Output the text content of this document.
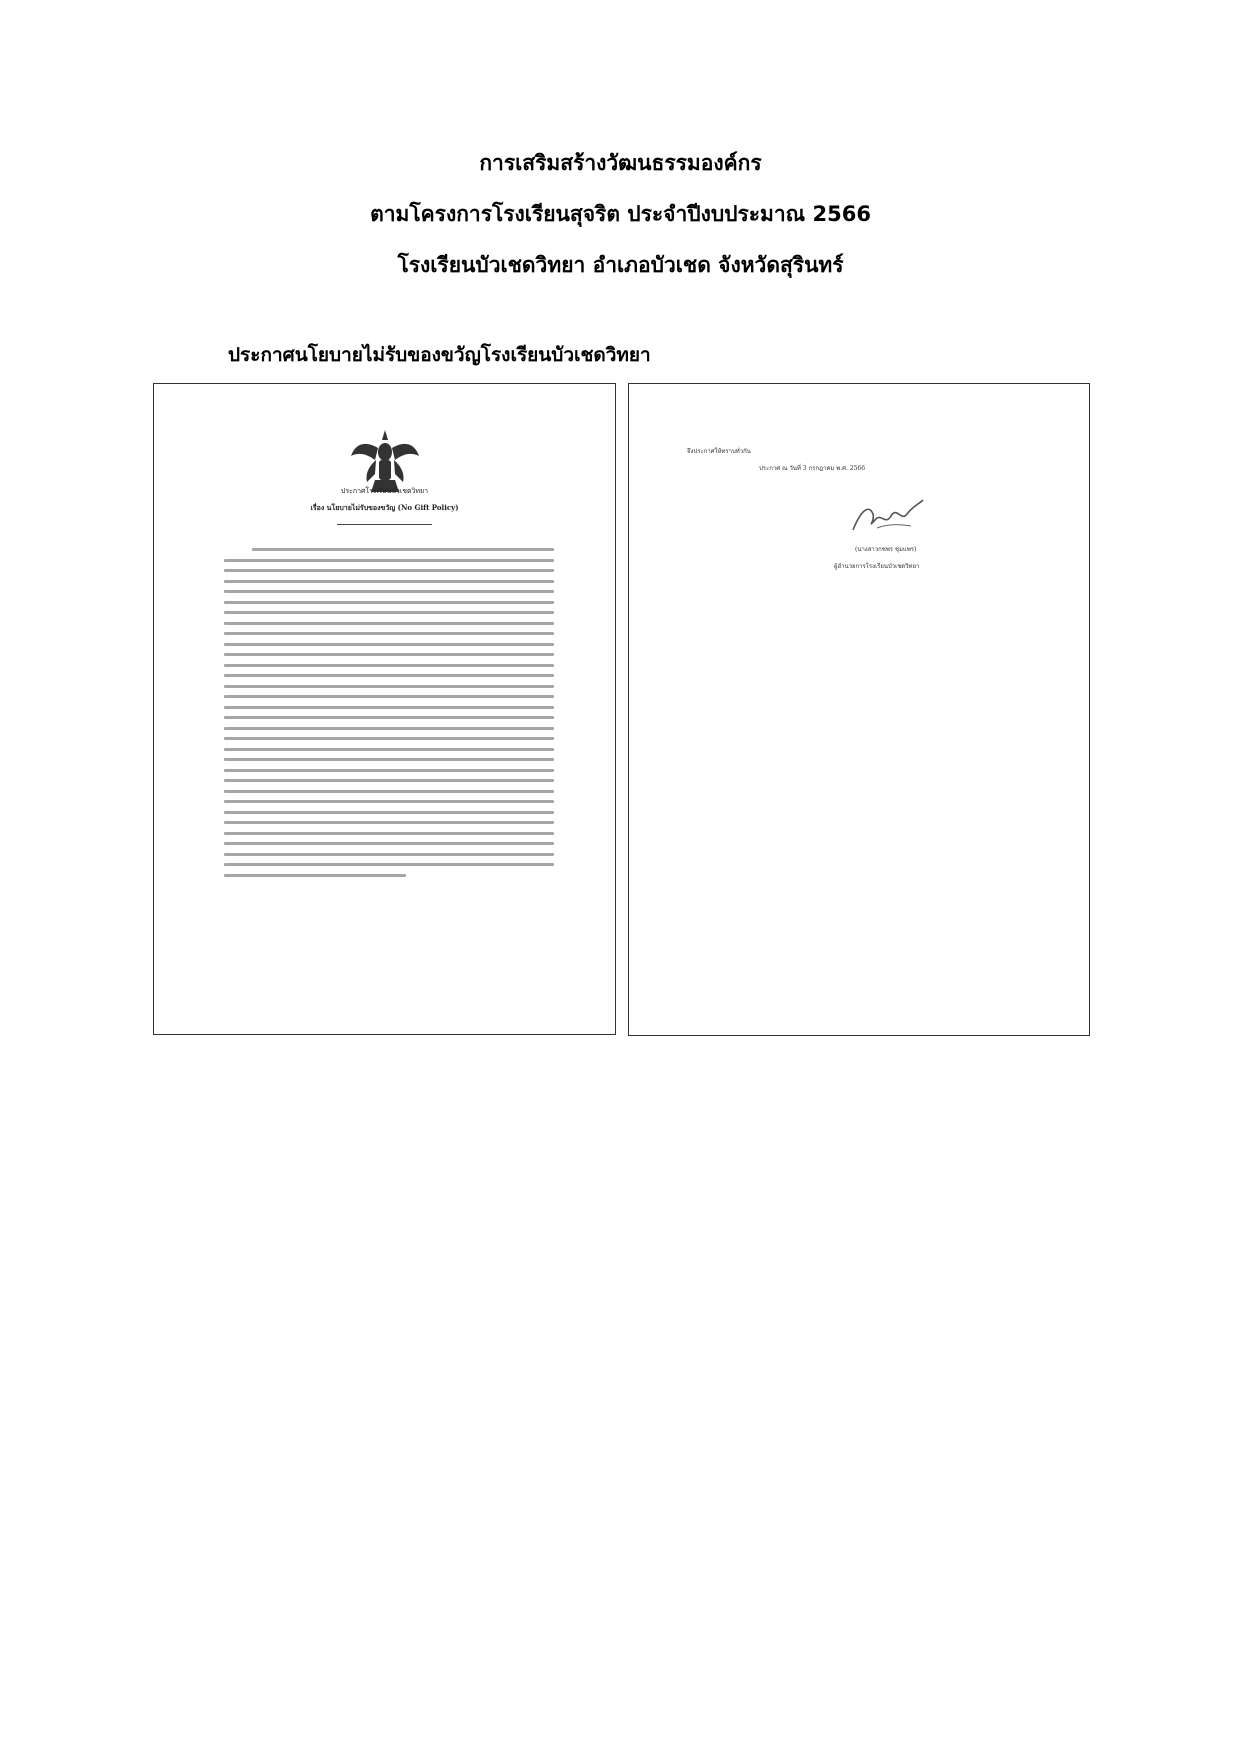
การเสริมสร้างวัฒนธรรมองค์กร
ตามโครงการโรงเรียนสุจริต ประจำปีงบประมาณ 2566
โรงเรียนบัวเชดวิทยา อำเภอบัวเชด จังหวัดสุรินทร์
ประกาศนโยบายไม่รับของขวัญโรงเรียนบัวเชดวิทยา
ประกาศโรงเรียนบัวเชดวิทยา
เรื่อง นโยบายไม่รับของขวัญ (No Gift Policy)
จึงประกาศให้ทราบทั่วกัน
ประกาศ ณ วันที่ 3 กรกฎาคม พ.ศ. 2566
(นางสาวกชพร ชุมแพร)
ผู้อำนวยการโรงเรียนบัวเชดวิทยา
